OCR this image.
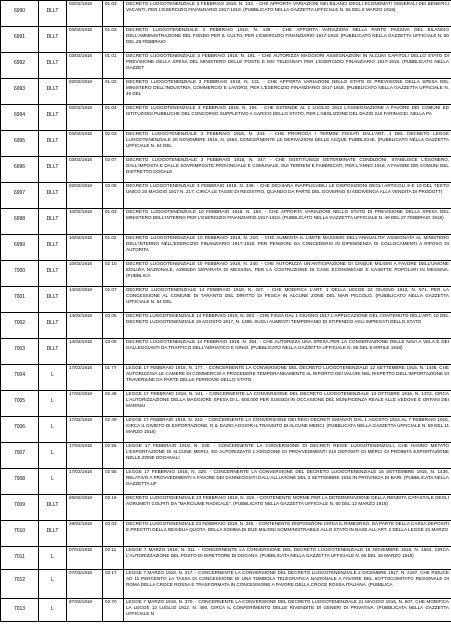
6990	DLLT	03/02/1918	01 03	DECRETO LUOGOTENENZIALE 3 FEBBRAIO 1918, N. 133. - CHE APPORTA VARIAZIONI NEI BILANCI DEGLI ECONOMATI GENERALI DEI BENEFICI VACANTI, PER L'ESERCIZIO FINANZIARIO 1917-1918. (PUBBLICATO NELLA GAZZETTA UFFICIALE N. 55 DEL 6 MARZO 1918)
6991	DLLT	03/02/1918	01 03	DECRETO LUOGOTENENZIALE 3 FEBBRAIO 1918, N. 139. - CHE APPORTA VARIAZIONI NELLA PARTE PASSIVA DEL BILANCIO DELL'AMMINISTRAZIONE DEL FONDO PER IL CULTO, PER L'ESERCIZIO FINANZIARIO 1917-1918. (PUBBLICATO NELLA GAZZETTA UFFICIALE N. 50 DEL 28 FEBBRAIO
6992	DLLT	03/02/1918	01 01	DECRETO LUOGOTENENZIALE 3 FEBBRAIO 1918, N. 191. - CHE AUTORIZZA MAGGIORI ASSEGNAZIONI IN ALCUNI CAPITOLI DELLO STATO DI PREVISIONE DELLA SPESA DEL MINISTERO DELLE POSTE E DEI TELEGRAFI PER L'ESERCIZIO FINANZIARIO 1917-1918. (PUBBLICATO NELLA GAZZET
6993	DLLT	03/02/1918	01 02	DECRETO LUOGOTENENZIALE 3 FEBBRAIO 1918, N. 131. - CHE APPORTA VARIAZIONI NELLO STATO DI PREVISIONE DELLA SPESA DEL MINISTERO DELL'INDUSTRIA, COMMERCIO E LAVORO, PER L'ESERCIZIO FINANZIARIO 1917-1918. (PUBBLICATO NELLA GAZZETTA UFFICIALE N. 49 DEL
6994	DLLT	03/02/1918	01 04	DECRETO LUOGOTENENZIALE 3 FEBBRAIO 1918, N. 194. - CHE ESTENDE AL 1 LUGLIO 1912 L'ASSEGNAZIONE A FAVORE DEI COMUNI ED ISTITUZIONI PUBBLICHE DEL CONCORSO SUPPLETIVO A CARICO DELLO STATO, PER L'ABOLIZIONE DEL DAZIO SUI FARINACEI. NELLA PA
6995	DLLT	03/02/1918	02 03	DECRETO LUOGOTENENZIALE 3 FEBBRAIO 1918, N. 343. - CHE PROROGA I TERMINI FISSATI DALL'ART. 4 DEL DECRETO LEGGE LUOGOTENENZIALE 20 NOVEMBRE 1916, N. 1664, CONCERNENTE LE DERIVAZIONI DELLE ACQUE PUBBLICHE. (PUBBLICATO NELLA GAZZETTA UFFICIALE N. 64 DEL
6996	DLLT	03/02/1918	03 07	DECRETO LUOGOTENENZIALE 3 FEBBRAIO 1918, N. 347. - CHE SOSTITUISCE DETERMINATE CONDIZIONI, STABILISCE L'ESONERO, DALL'IMPOSTA E DALLE SOVRIMPOSTE PROVINCIALE E COMUNALE, SUI TERRENI E FABBRICATI, PER L'ANNO 1918, A FAVORE DEI COMUNI DEL DISTRETTO DOGALE
6997	DLLT	03/02/1918	03 08	DECRETO LUOGOTENENZIALE 3 FEBBRAIO 1918, N. 348. - CHE DICHIARA INAPPLICABILI LE DISPOSIZIONI DEGLI ARTICOLI 9 E 10 DEL TESTO UNICO 20 MAGGIO 1917 N. 217, CIRCA LE TASSE DI REGISTRO, QUANDO DA PARTE DEL GOVERNO SI ADDIVENGA ALLA VENDITA DI PRODOTTI
6998	DLLT	10/02/1918	01 03	DECRETO LUOGOTENENZIALE 10 FEBBRAIO 1918, N. 193. - CHE APPORTA VARIAZIONI NELLO STATO DI PREVISIONE DELLA SPESA DEL MINISTERO DELL'INTERNO PER L'ESERCIZIO FINANZIARIO 1917-1918. (PUBBLICATO NELLA GAZZETTA UFFICIALE N. 49 DEL 27 FEBBRAIO 1918)
6999	DLLT	10/02/1918	01 02	DECRETO LUOGOTENENZIALE 10 FEBBRAIO 1918, N. 210. - CHE AUMENTA IL LIMITE MASSIMO DELL'ANNUALITA' ASSEGNATA AL MINISTERO DELL'INTERNO NELL'ESERCIZIO FINANZIARIO 1917-1918, PER PENSIONI DA CONCEDERSI IN DIPENDENZA DI COLLOCAMENTI A RIPOSO DI AUTORITA
7000	DLLT	10/02/1918	02 10	DECRETO LUOGOTENENZIALE 10 FEBBRAIO 1918, N. 240. - CHE AUTORIZZA UN'ANTICIPAZIONE DI CINQUE MILIONI A FAVORE DELL'UNIONE EDILIZIA NAZIONALE, AZIENDA SEPARATA DI MESSINA, PER LA COSTRUZIONE DI CASE ECONOMICHE E CASETTE POPOLARI IN MESSINA. (PUBBLICA
7001	DLLT	14/02/1918	02 07	DECRETO LUOGOTENENZIALE 14 FEBBRAIO 1918, N. 227. - CHE MODIFICA L'ART. 1 DELLA LEGGE 23 GIUGNO 1913, N. 571, PER LA CONCESSIONE AL COMUNE DI TARANTO DEL DIRITTO DI PESCA IN ALCUNE ZONE DEL MAR PICCOLO. (PUBBLICATO NELLA GAZZETTA UFFICIALE N. 54 DEL
7002	DLLT	14/02/1918	03 05	DECRETO LUOGOTENENZIALE 14 FEBBRAIO 1918, N. 303. - CHE FISSA DAL 1 GIUGNO 1917 L'APPLICAZIONE DEL CONTENUTO DELL'ART. 10 DEL DECRETO LUOGOTENENZIALE 19 AGOSTO 1917, N. 1399, SUGLI AUMENTI TEMPORANEI DI STIPENDIO AGLI IMPIEGATI DELLO STATO
7003	DLLT	14/02/1918	03 08	DECRETO LUOGOTENENZIALE 14 FEBBRAIO 1918, N. 354. - CHE AUTORIZZA UNA SPESA PER LA CONSERVAZIONE DELLE NAVI A VELA E DEI GALLEGGIANTI DA TRAFFICO DELL'ADRIATICO E IONIO. (PUBBLICATO NELLA GAZZETTA UFFICIALE N. 66 DEL 9 APRILE 1918)
7004	L	17/02/1918	01 77	LEGGE 17 FEBBRAIO 1918, N. 177. - CONCERNENTE LA CONVERSIONE DEL DECRETO LUOGOTENENZIALE 12 SETTEMBRE 1915, N. 1446, CHE AUTORIZZAVA LE CAMERE DI COMMERCIO A PROCEDERE TEMPORANEAMENTE AL RIPORTO DEI VALORI NEL RISPETTO DELL'IMPORTAZIONE DI TRAVERSINE DA PARTE DELLE FERROVIE DELLO STATO
7005	L	17/02/1918	02 48	LEGGE 17 FEBBRAIO 1918, N. 241. - CONCERNENTE LA CONVERSIONE DEL DECRETO LUOGOTENENZIALE 13 OTTOBRE 1916, N. 1372, CIRCA L'AUTORIZZAZIONE DELLA MAGGIORE SPESA DI L. 500.000 PER SUSSIDI IN OCCASIONE DEL MUNIFICENZA REALE ALLE VEDOVE E ORFANI DEI MARINAI
7006	L	17/02/1918	02 49	LEGGE 17 FEBBRAIO 1918, N. 242. - CONCERNENTE LA CONVERSIONE DEI REGI DECRETI EMANATI DAL 1 AGOSTO 1914 AL 7 FEBBRAIO 1915, CIRCA IL DIVIETO DI ESPORTAZIONE, O IL DAZIO AGGIOR IL TRANSITO DI ALCUNE MERCI. (PUBBLICATA NELLA GAZZETTA UFFICIALE N. 59 DEL 11 MARZO 1918)
7007	L	17/02/1918	02 55	LEGGE 17 FEBBRAIO 1918, N. 230. - CONCERNENTE LA CONVERSIONE DI DECRETI REGIE LUOGOTENENZIALI, CHE HANNO METATO L'ESPORTAZIONE DI ALCUNE MERCI, ED AUTORIZZATO L'ADOZIONE DI PROVVEDIMENTI SUI DEPOSITI DI MERCI DI PROIBITA ESPORTAZIONE NELLE ZONE DOGANALI
7008	L	17/02/1918	02 55	LEGGE 17 FEBBRAIO 1918, N. 320. - CONCERNENTE LA CONVERSIONE DEL DECRETO LUOGOTENENZIALE 16 SETTEMBRE 1915, N. 1436, RELATIVO A PROVVEDIMENTI A FAVORE DEI DANNEGGIATI DALL'ALLUVIONE DEL 3 SETTEMBRE 1915 IN PROVINCIA DI BARI. (PUBBLICATA NELLA GAZZETTA UF
7009	DLLT	28/02/1918	03 19	DECRETO LUOGOTENENZIALE 23 FEBBRAIO 1918, N. 319. - CONTENENTE NORME PER LA DETERMINAZIONE DELLA RENDITA CATASTALE DEGLI AGRUMETI COLPITI DA "MARCIUME RADICALE". (PUBBLICATO NELLA GAZZETTA UFFICIALE N. 60 DEL 12 MARZO 1918)
7010	DLLT	28/02/1918	03 03	DECRETO LUOGOTENENZIALE 23 FEBBRAIO 1918, N. 346. - CONTENENTE DISPOSIZIONI CIRCA IL RIMBORSO, DA PARTE DELLA CASSA DEPOSITI E PRESTITI DELLA RESIDUA QUOTA, DELLA SOMMA DI DUE MILIONI SOMMINISTRABILE ALLO STATO IN BASE ALL'ART. 2 DELLA LEGGE 31 MARZO
7011	L	07/03/1918	03 11	LEGGE 7 MARZO 1918, N. 311. - CONCERNENTE LA CONVERSIONE DEL DECRETO LUOGOTENENZIALE 16 NOVEMBRE 1916, N. 1663, CIRCA L'AUTORIZZAZIONE DEL POSTO DI DIRETTORE DI DOGANA. (PUBBLICATA NELLA GAZZETTA UFFICIALE N. 65 DEL 18 MARZO 1918)
7012	L	07/03/1918	03 17	LEGGE 7 MARZO 1918, N. 317. - CONCERNENTE LA CONVERSIONE DEL DECRETO LUOGOTENENZIALE 2 DICEMBRE 1917, N. 2197, CHE RIDUCE AD 11 PERCENTO LA TASSA DI CONCESSIONE DI UNA TOMBOLA TELEGRAFICA NAZIONALE A FAVORE DEL SOTTOCOMITATO REGIONALE DI ROMA DELLA CROCE ROSSA E TRASFORMATA IN CONCESSIONE A FAVORE DELLA CROCE ROSSA ITALIANA. (PUBBLICA
7013	L	07/03/1918	03 70	LEGGE 7 MARZO 1918, N. 370. - CONCERNENTE LA CONVERSIONE DEL DECRETO LUOGOTENENZIALE 21 MAGGIO 1916, N. 607, CHE MODIFICA LA LEGGE 12 LUGLIO 1912, N. 490, CIRCA IL CONFERIMENTO DELLE RIVENDITE DI GENERI DI PRIVATIVA. (PUBBLICATA NELLA GAZZETTA UFFICIALE N
